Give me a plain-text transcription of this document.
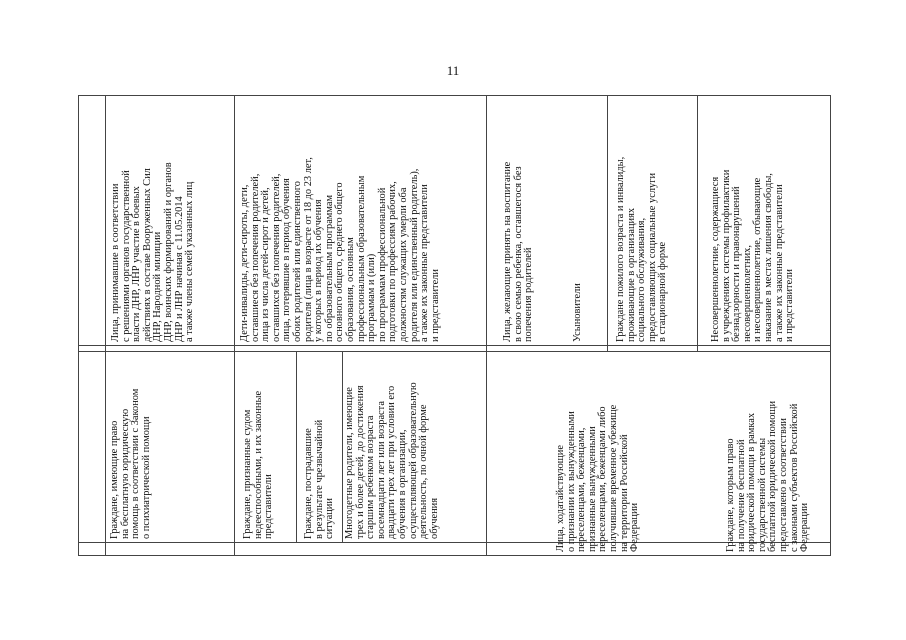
11
Граждане, имеющие право
на бесплатную юридическую
помощь в соответствии с Законом
о психиатрической помощи
Лица, принимавшие в соответствии
с решениями органов государственной
власти ДНР, ЛНР участие в боевых
действиях в составе Вооруженных Сил
ДНР, Народной милиции
ДНР, воинских формирований и органов
ДНР и ЛНР начиная с 11.05.2014
а также члены семей указанных лиц
Граждане, признанные судом
недееспособными, и их законные
представители
Дети-инвалиды, дети-сироты, дети,
оставшиеся без попечения родителей,
лица из числа детей-сирот и детей,
оставшихся без попечения родителей,
лица, потерявшие в период обучения
обоих родителей или единственного
родителя (лица в возрасте от 18 до 23 лет,
у которых в период их обучения
по образовательным программам
основного общего, среднего общего
образования, основным
профессиональным образовательным
программам и (или)
по программам профессиональной
подготовки по профессиям рабочих,
должностям служащих умерли оба
родителя или единственный родитель),
а также их законные представители
и представители
Граждане, пострадавшие
в результате чрезвычайной
ситуации Многодетные родители, имеющие
трех и более детей, до достижения
старшим ребенком возраста
восемнадцати лет или возраста
двадцати трех лет при условии его
обучения в организации,
осуществляющей образовательную
деятельность, по очной форме
обучения
Лица, желающие принять на воспитание
в свою семью ребенка, оставшегося без
попечения родителей
Лица, ходатайствующие
о признании их вынужденными
переселенцами, беженцами,
признанные вынужденными
переселенцами, беженцами либо
получившие временное убежище
на территории Российской
Федерации
Усыновители	Граждане пожилого возраста и инвалиды,
проживающие в организациях
социального обслуживания,
предоставляющих социальные услуги
в стационарной форме
Граждане, которым право
на получение бесплатной
юридической помощи в рамках
государственной системы
бесплатной юридической помощи
предоставлено в соответствии
с законами субъектов Российской
Федерации
Несовершеннолетние, содержащиеся
в учреждениях системы профилактики
безнадзорности и правонарушений
несовершеннолетних,
и несовершеннолетние, отбывающие
наказание в местах лишения свободы,
а также их законные представители
и представители
